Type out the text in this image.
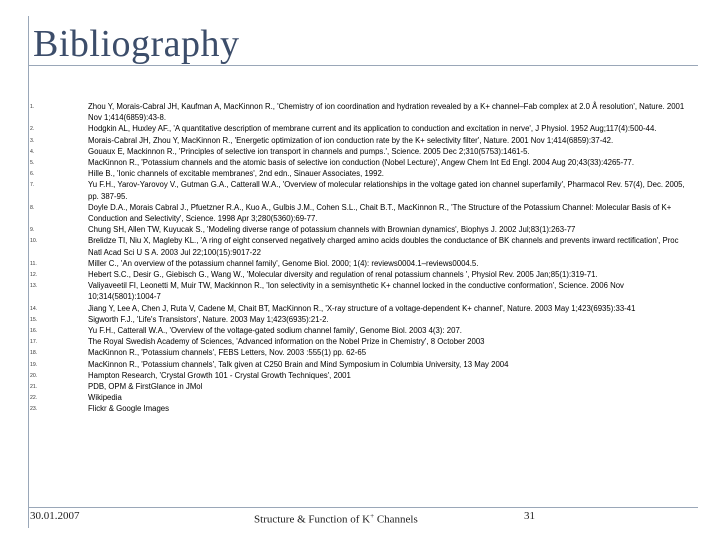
Bibliography
1.	Zhou Y, Morais-Cabral JH, Kaufman A, MacKinnon R., 'Chemistry of ion coordination and hydration revealed by a K+ channel–Fab complex at 2.0 Å resolution', Nature. 2001 Nov 1;414(6859):43-8.
2.	Hodgkin AL, Huxley AF., 'A quantitative description of membrane current and its application to conduction and excitation in nerve', J Physiol. 1952 Aug;117(4):500-44.
3.	Morais-Cabral JH, Zhou Y, MacKinnon R., 'Energetic optimization of ion conduction rate by the K+ selectivity filter', Nature. 2001 Nov 1;414(6859):37-42.
4.	Gouaux E, Mackinnon R., 'Principles of selective ion transport in channels and pumps.', Science. 2005 Dec 2;310(5753):1461-5.
5.	MacKinnon R., 'Potassium channels and the atomic basis of selective ion conduction (Nobel Lecture)', Angew Chem Int Ed Engl. 2004 Aug 20;43(33):4265-77.
6.	Hille B., 'Ionic channels of excitable membranes', 2nd edn., Sinauer Associates, 1992.
7.	Yu F.H., Yarov-Yarovoy V., Gutman G.A., Catterall W.A., 'Overview of molecular relationships in the voltage gated ion channel superfamily', Pharmacol Rev. 57(4), Dec. 2005, pp. 387-95.
8.	Doyle D.A., Morais Cabral J., Pfuetzner R.A., Kuo A., Gulbis J.M., Cohen S.L., Chait B.T., MacKinnon R., 'The Structure of the Potassium Channel: Molecular Basis of K+ Conduction and Selectivity', Science. 1998 Apr 3;280(5360):69-77.
9.	Chung SH, Allen TW, Kuyucak S., 'Modeling diverse range of potassium channels with Brownian dynamics', Biophys J. 2002 Jul;83(1):263-77
10.	Brelidze TI, Niu X, Magleby KL., 'A ring of eight conserved negatively charged amino acids doubles the conductance of BK channels and prevents inward rectification', Proc Natl Acad Sci U S A. 2003 Jul 22;100(15):9017-22
11.	Miller C., 'An overview of the potassium channel family', Genome Biol. 2000; 1(4): reviews0004.1–reviews0004.5.
12.	Hebert S.C., Desir G., Giebisch G., Wang W., 'Molecular diversity and regulation of renal potassium channels ', Physiol Rev. 2005 Jan;85(1):319-71.
13.	Valiyaveetil FI, Leonetti M, Muir TW, Mackinnon R., 'Ion selectivity in a semisynthetic K+ channel locked in the conductive conformation', Science. 2006 Nov 10;314(5801):1004-7
14.	Jiang Y, Lee A, Chen J, Ruta V, Cadene M, Chait BT, MacKinnon R., 'X-ray structure of a voltage-dependent K+ channel', Nature. 2003 May 1;423(6935):33-41
15.	Sigworth F.J., 'Life's Transistors', Nature. 2003 May 1;423(6935):21-2.
16.	Yu F.H., Catterall W.A., 'Overview of the voltage-gated sodium channel family', Genome Biol. 2003 4(3): 207.
17.	The Royal Swedish Academy of Sciences, 'Advanced information on the Nobel Prize in Chemistry', 8 October 2003
18.	MacKinnon R., 'Potassium channels', FEBS Letters, Nov. 2003 :555(1) pp. 62-65
19.	MacKinnon R., 'Potassium channels', Talk given at C250 Brain and Mind Symposium in Columbia University, 13 May 2004
20.	Hampton Research, 'Crystal Growth 101 - Crystal Growth Techniques', 2001
21.	PDB, OPM & FirstGlance in JMol
22.	Wikipedia
23.	Flickr & Google Images
30.01.2007	Structure & Function of K+ Channels	31
